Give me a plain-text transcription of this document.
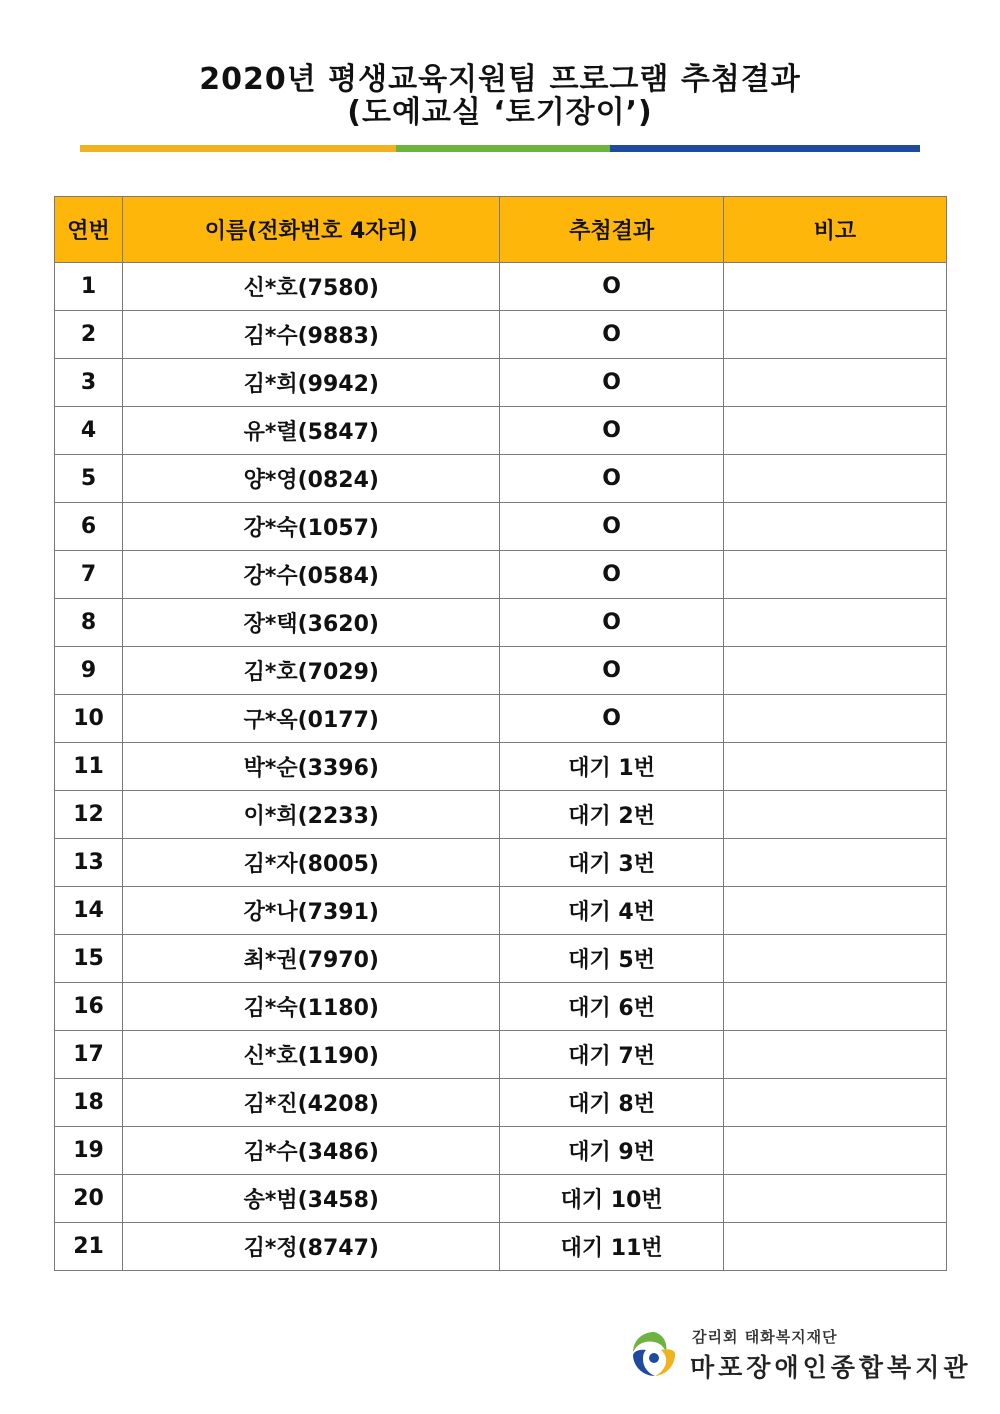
2020년 평생교육지원팀 프로그램 추첨결과
(도예교실 ‘토기장이’)
연번	이름(전화번호 4자리)	추첨결과	비고
1	신*호(7580)	O	
2	김*수(9883)	O	
3	김*희(9942)	O	
4	유*렬(5847)	O	
5	양*영(0824)	O	
6	강*숙(1057)	O	
7	강*수(0584)	O	
8	장*택(3620)	O	
9	김*호(7029)	O	
10	구*옥(0177)	O	
11	박*순(3396)	대기 1번	
12	이*희(2233)	대기 2번	
13	김*자(8005)	대기 3번	
14	강*나(7391)	대기 4번	
15	최*권(7970)	대기 5번	
16	김*숙(1180)	대기 6번	
17	신*호(1190)	대기 7번	
18	김*진(4208)	대기 8번	
19	김*수(3486)	대기 9번	
20	송*범(3458)	대기 10번	
21	김*정(8747)	대기 11번	
감리회 태화복지재단
마포장애인종합복지관
